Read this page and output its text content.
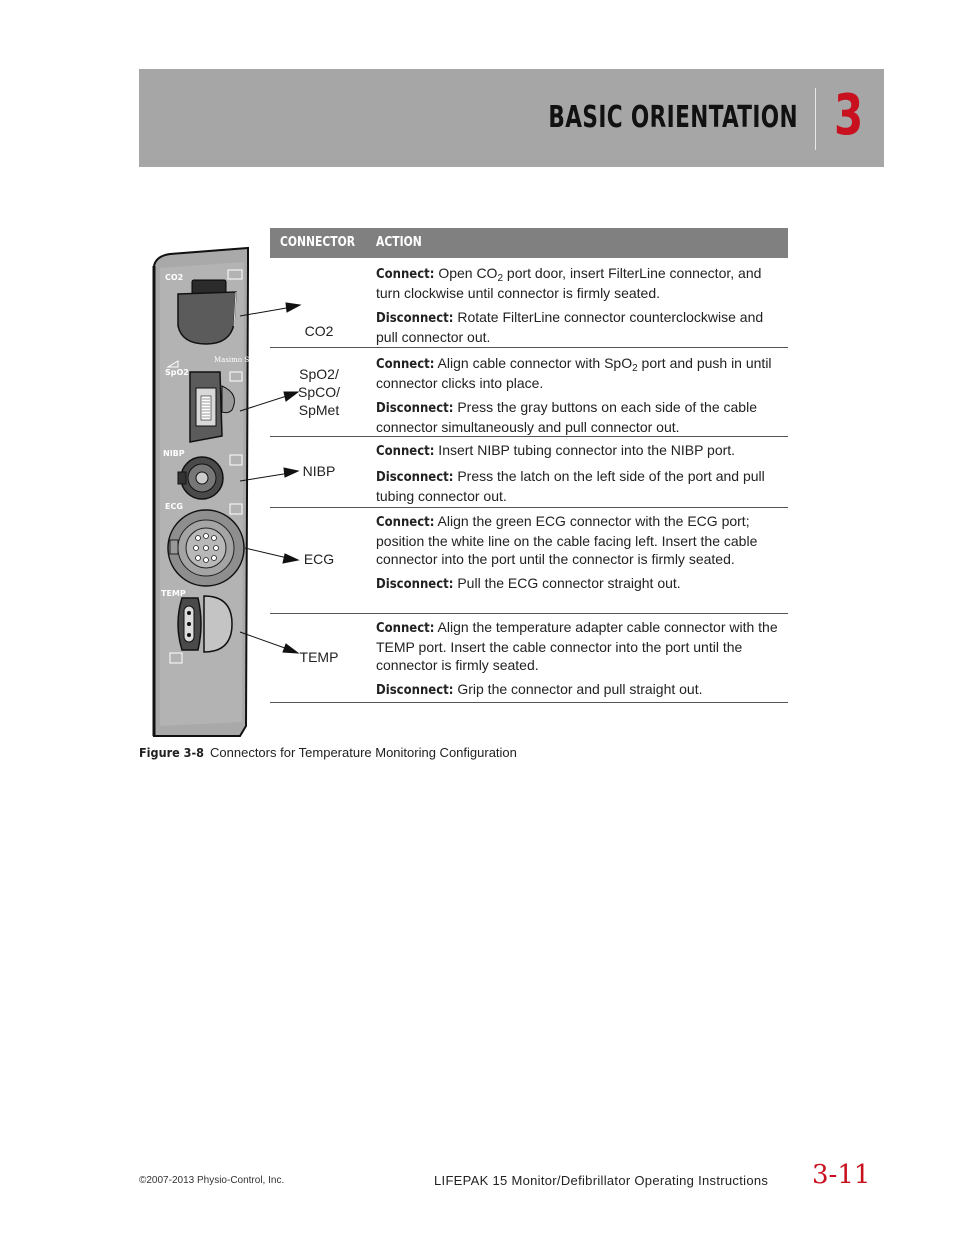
BASIC ORIENTATION 3
CO2
SpO2
Masimo SET
NIBP
ECG
TEMP
CONNECTOR ACTION
CO2

Connect: Open $CO_2$ port door, insert FilterLine connector, and turn clockwise until connector is firmly seated.

Disconnect: Rotate FilterLine connector counterclockwise and pull connector out.

SpO2/
SpCO/
SpMet

Connect: Align cable connector with SpO$_2$ port and push in until connector clicks into place.

Disconnect: Press the gray buttons on each side of the cable connector simultaneously and pull connector out.

NIBP

Connect: Insert NIBP tubing connector into the NIBP port.

Disconnect: Press the latch on the left side of the port and pull tubing connector out.

ECG

Connect: Align the green ECG connector with the ECG port; position the white line on the cable facing left. Insert the cable connector into the port until the connector is firmly seated.

Disconnect: Pull the ECG connector straight out.

TEMP

Connect: Align the temperature adapter cable connector with the TEMP port. Insert the cable connector into the port until the connector is firmly seated.

Disconnect: Grip the connector and pull straight out.

Figure 3-8 Connectors for Temperature Monitoring Configuration
©2007-2013 Physio-Control, Inc.	LIFEPAK 15 Monitor/Defibrillator Operating Instructions 3-11
